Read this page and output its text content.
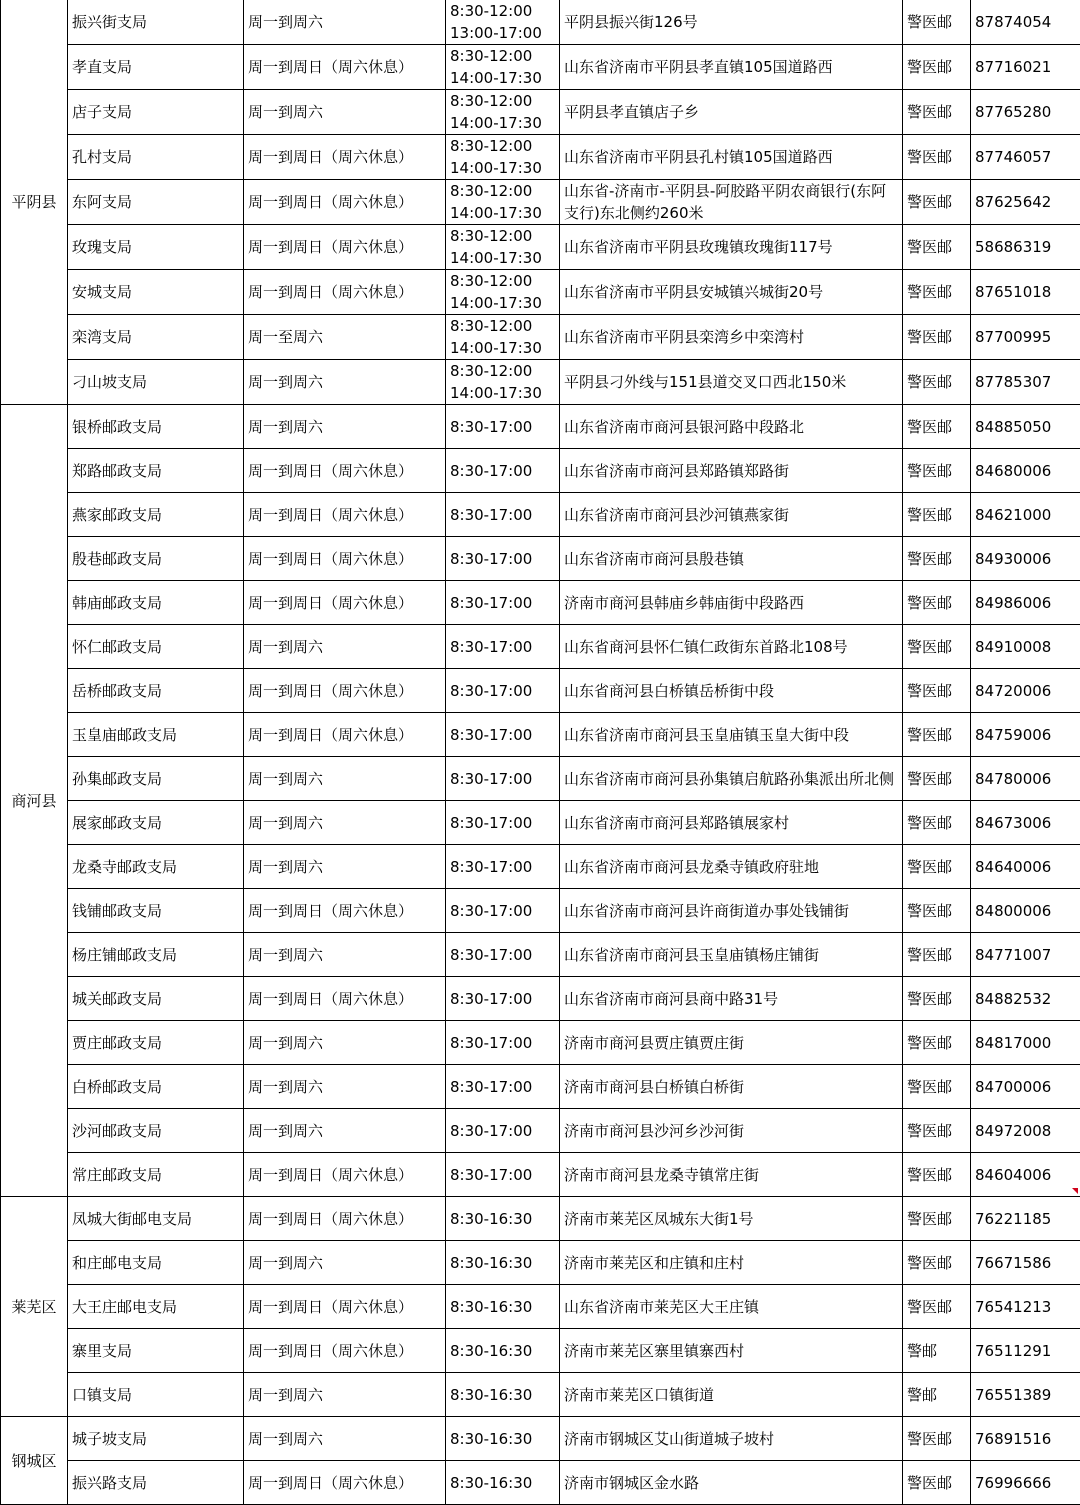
平阴县	振兴街支局	周一到周六	8:30-12:00
13:00-17:00	平阴县振兴街126号	警医邮	87874054
	孝直支局	周一到周日（周六休息）	8:30-12:00
14:00-17:30	山东省济南市平阴县孝直镇105国道路西	警医邮	87716021
	店子支局	周一到周六	8:30-12:00
14:00-17:30	平阴县孝直镇店子乡	警医邮	87765280
	孔村支局	周一到周日（周六休息）	8:30-12:00
14:00-17:30	山东省济南市平阴县孔村镇105国道路西	警医邮	87746057
	东阿支局	周一到周日（周六休息）	8:30-12:00
14:00-17:30	山东省-济南市-平阴县-阿胶路平阴农商银行(东阿支行)东北侧约260米	警医邮	87625642
	玫瑰支局	周一到周日（周六休息）	8:30-12:00
14:00-17:30	山东省济南市平阴县玫瑰镇玫瑰街117号	警医邮	58686319
	安城支局	周一到周日（周六休息）	8:30-12:00
14:00-17:30	山东省济南市平阴县安城镇兴城街20号	警医邮	87651018
	栾湾支局	周一至周六	8:30-12:00
14:00-17:30	山东省济南市平阴县栾湾乡中栾湾村	警医邮	87700995
	刁山坡支局	周一到周六	8:30-12:00
14:00-17:30	平阴县刁外线与151县道交叉口西北150米	警医邮	87785307
商河县	银桥邮政支局	周一到周六	8:30-17:00	山东省济南市商河县银河路中段路北	警医邮	84885050
	郑路邮政支局	周一到周日（周六休息）	8:30-17:00	山东省济南市商河县郑路镇郑路街	警医邮	84680006
	燕家邮政支局	周一到周日（周六休息）	8:30-17:00	山东省济南市商河县沙河镇燕家街	警医邮	84621000
	殷巷邮政支局	周一到周日（周六休息）	8:30-17:00	山东省济南市商河县殷巷镇	警医邮	84930006
	韩庙邮政支局	周一到周日（周六休息）	8:30-17:00	济南市商河县韩庙乡韩庙街中段路西	警医邮	84986006
	怀仁邮政支局	周一到周六	8:30-17:00	山东省商河县怀仁镇仁政街东首路北108号	警医邮	84910008
	岳桥邮政支局	周一到周日（周六休息）	8:30-17:00	山东省商河县白桥镇岳桥街中段	警医邮	84720006
	玉皇庙邮政支局	周一到周日（周六休息）	8:30-17:00	山东省济南市商河县玉皇庙镇玉皇大街中段	警医邮	84759006
	孙集邮政支局	周一到周六	8:30-17:00	山东省济南市商河县孙集镇启航路孙集派出所北侧	警医邮	84780006
	展家邮政支局	周一到周六	8:30-17:00	山东省济南市商河县郑路镇展家村	警医邮	84673006
	龙桑寺邮政支局	周一到周六	8:30-17:00	山东省济南市商河县龙桑寺镇政府驻地	警医邮	84640006
	钱铺邮政支局	周一到周日（周六休息）	8:30-17:00	山东省济南市商河县许商街道办事处钱铺街	警医邮	84800006
	杨庄铺邮政支局	周一到周六	8:30-17:00	山东省济南市商河县玉皇庙镇杨庄铺街	警医邮	84771007
	城关邮政支局	周一到周日（周六休息）	8:30-17:00	山东省济南市商河县商中路31号	警医邮	84882532
	贾庄邮政支局	周一到周六	8:30-17:00	济南市商河县贾庄镇贾庄街	警医邮	84817000
	白桥邮政支局	周一到周六	8:30-17:00	济南市商河县白桥镇白桥街	警医邮	84700006
	沙河邮政支局	周一到周六	8:30-17:00	济南市商河县沙河乡沙河街	警医邮	84972008
	常庄邮政支局	周一到周日（周六休息）	8:30-17:00	济南市商河县龙桑寺镇常庄街	警医邮	84604006
莱芜区	凤城大街邮电支局	周一到周日（周六休息）	8:30-16:30	济南市莱芜区凤城东大街1号	警医邮	76221185
	和庄邮电支局	周一到周六	8:30-16:30	济南市莱芜区和庄镇和庄村	警医邮	76671586
	大王庄邮电支局	周一到周日（周六休息）	8:30-16:30	山东省济南市莱芜区大王庄镇	警医邮	76541213
	寨里支局	周一到周日（周六休息）	8:30-16:30	济南市莱芜区寨里镇寨西村	警邮	76511291
	口镇支局	周一到周六	8:30-16:30	济南市莱芜区口镇街道	警邮	76551389
钢城区	城子坡支局	周一到周六	8:30-16:30	济南市钢城区艾山街道城子坡村	警医邮	76891516
	振兴路支局	周一到周日（周六休息）	8:30-16:30	济南市钢城区金水路	警医邮	76996666
